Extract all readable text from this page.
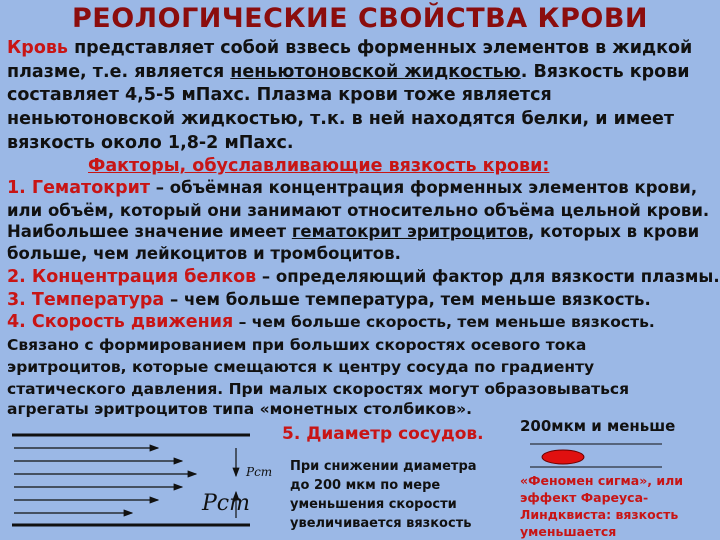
РЕОЛОГИЧЕСКИЕ СВОЙСТВА КРОВИ
Кровь представляет собой взвесь форменных элементов в жидкой
плазме, т.е. является неньютоновской жидкостью. Вязкость крови
составляет 4,5-5 мПахс. Плазма крови тоже является
неньютоновской жидкостью, т.к. в ней находятся белки, и имеет
вязкость около 1,8-2 мПахс.
Факторы, обуславливающие вязкость крови:
1. Гематокрит – объёмная концентрация форменных элементов крови,
или объём, который они занимают относительно объёма цельной крови.
Наибольшее значение имеет гематокрит эритроцитов, которых в крови
больше, чем лейкоцитов и тромбоцитов.
2. Концентрация белков – определяющий фактор для вязкости плазмы.
3. Температура – чем больше температура, тем меньше вязкость.
4. Скорость движения – чем больше скорость, тем меньше вязкость.
Связано с формированием при больших скоростях осевого тока
эритроцитов, которые смещаются к центру сосуда по градиенту
статического давления. При малых скоростях могут образовываться
агрегаты эритроцитов типа «монетных столбиков».
5. Диаметр сосудов. 200мкм и меньше
При снижении диаметра
до 200 мкм по мере
уменьшения скорости
увеличивается вязкость
«Феномен сигма», или
эффект Фареуса-
Линдквиста: вязкость
уменьшается
Pст
Pст
